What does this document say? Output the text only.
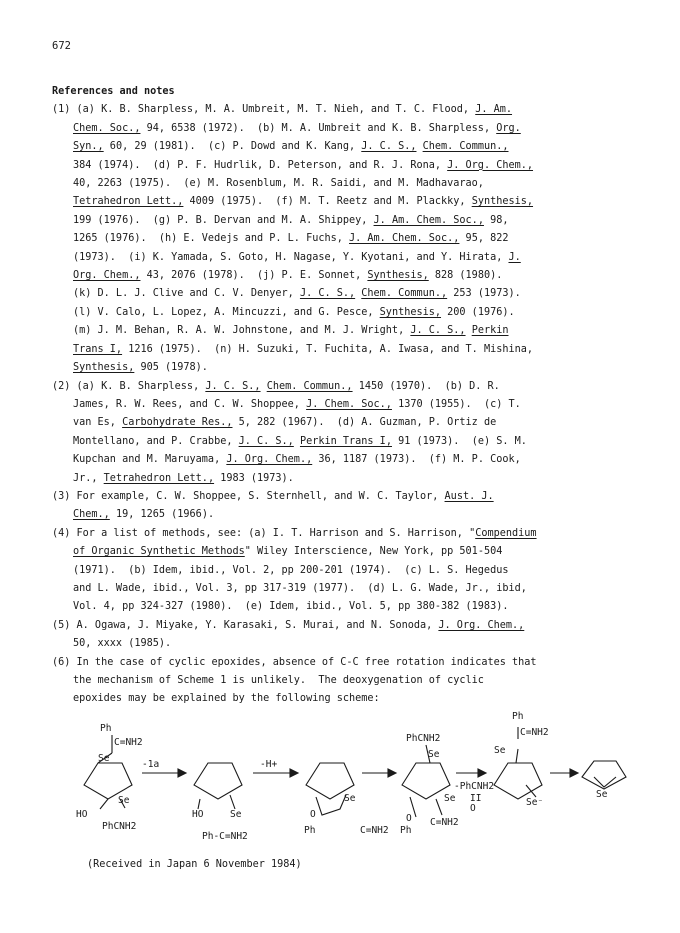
672
References and notes
(1) (a) K. B. Sharpless, M. A. Umbreit, M. T. Nieh, and T. C. Flood, J. Am.
Chem. Soc., 94, 6538 (1972).  (b) M. A. Umbreit and K. B. Sharpless, Org.
Syn., 60, 29 (1981).  (c) P. Dowd and K. Kang, J. C. S., Chem. Commun.,
384 (1974).  (d) P. F. Hudrlik, D. Peterson, and R. J. Rona, J. Org. Chem.,
40, 2263 (1975).  (e) M. Rosenblum, M. R. Saidi, and M. Madhavarao,
Tetrahedron Lett., 4009 (1975).  (f) M. T. Reetz and M. Plackky, Synthesis,
199 (1976).  (g) P. B. Dervan and M. A. Shippey, J. Am. Chem. Soc., 98,
1265 (1976).  (h) E. Vedejs and P. L. Fuchs, J. Am. Chem. Soc., 95, 822
(1973).  (i) K. Yamada, S. Goto, H. Nagase, Y. Kyotani, and Y. Hirata, J.
Org. Chem., 43, 2076 (1978).  (j) P. E. Sonnet, Synthesis, 828 (1980).
(k) D. L. J. Clive and C. V. Denyer, J. C. S., Chem. Commun., 253 (1973).
(l) V. Calo, L. Lopez, A. Mincuzzi, and G. Pesce, Synthesis, 200 (1976).
(m) J. M. Behan, R. A. W. Johnstone, and M. J. Wright, J. C. S., Perkin
Trans I, 1216 (1975).  (n) H. Suzuki, T. Fuchita, A. Iwasa, and T. Mishina,
Synthesis, 905 (1978).
(2) (a) K. B. Sharpless, J. C. S., Chem. Commun., 1450 (1970).  (b) D. R.
James, R. W. Rees, and C. W. Shoppee, J. Chem. Soc., 1370 (1955).  (c) T.
van Es, Carbohydrate Res., 5, 282 (1967).  (d) A. Guzman, P. Ortiz de
Montellano, and P. Crabbe, J. C. S., Perkin Trans I, 91 (1973).  (e) S. M.
Kupchan and M. Maruyama, J. Org. Chem., 36, 1187 (1973).  (f) M. P. Cook,
Jr., Tetrahedron Lett., 1983 (1973).
(3) For example, C. W. Shoppee, S. Sternhell, and W. C. Taylor, Aust. J.
Chem., 19, 1265 (1966).
(4) For a list of methods, see: (a) I. T. Harrison and S. Harrison, "Compendium
of Organic Synthetic Methods" Wiley Interscience, New York, pp 501-504
(1971).  (b) Idem, ibid., Vol. 2, pp 200-201 (1974).  (c) L. S. Hegedus
and L. Wade, ibid., Vol. 3, pp 317-319 (1977).  (d) L. G. Wade, Jr., ibid,
Vol. 4, pp 324-327 (1980).  (e) Idem, ibid., Vol. 5, pp 380-382 (1983).
(5) A. Ogawa, J. Miyake, Y. Karasaki, S. Murai, and N. Sonoda, J. Org. Chem.,
50, xxxx (1985).
(6) In the case of cyclic epoxides, absence of C-C free rotation indicates that
the mechanism of Scheme 1 is unlikely.  The deoxygenation of cyclic
epoxides may be explained by the following scheme:
Ph
C=NH2
Se
-1a
HO
Se
PhCNH2
HO	Se
Ph-C=NH2
-H+
O
Se
Ph	C=NH2
PhCNH2
Se
Se
O
Ph
C=NH2
-PhCNH2
II
O
Ph
C=NH2
Se
Se⁻
Se
(Received in Japan 6 November 1984)
